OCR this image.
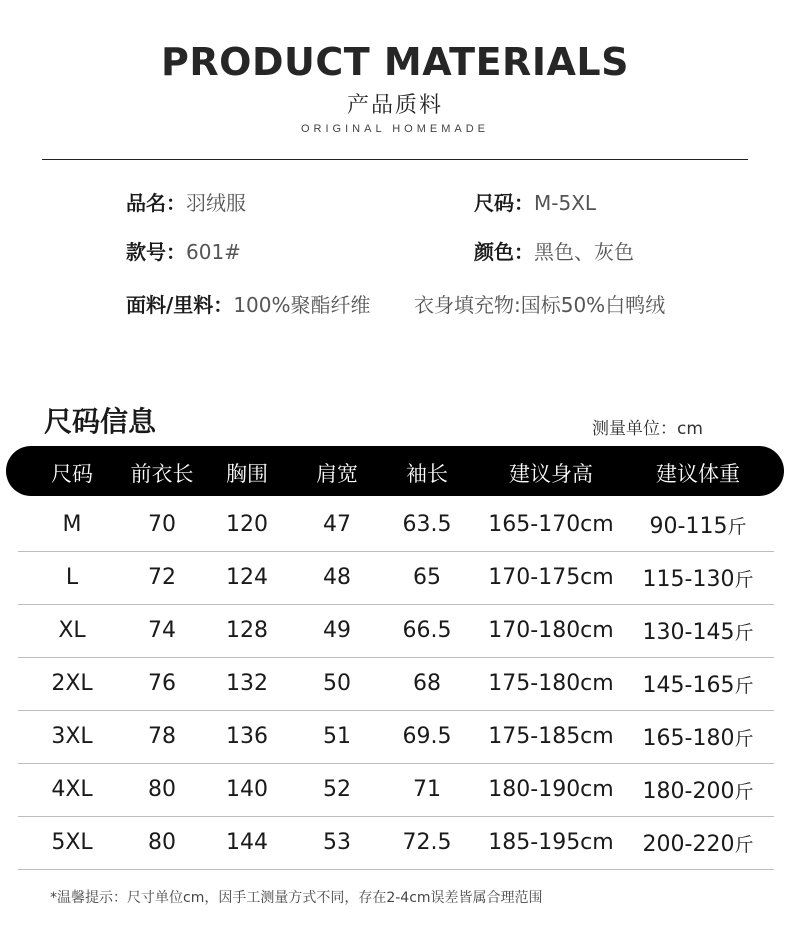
PRODUCT MATERIALS
产品质料
ORIGINAL HOMEMADE
品名：羽绒服	尺码：M-5XL
款号：601#	颜色：黑色、灰色
面料/里料：100%聚酯纤维 衣身填充物:国标50%白鸭绒
尺码信息	测量单位：cm
尺码	前衣长	胸围	肩宽	袖长	建议身高	建议体重
M	70	120	47	63.5	165-170cm	90-115斤
L	72	124	48	65	170-175cm	115-130斤
XL	74	128	49	66.5	170-180cm	130-145斤
2XL	76	132	50	68	175-180cm	145-165斤
3XL	78	136	51	69.5	175-185cm	165-180斤
4XL	80	140	52	71	180-190cm	180-200斤
5XL	80	144	53	72.5	185-195cm	200-220斤
*温馨提示：尺寸单位cm，因手工测量方式不同，存在2-4cm误差皆属合理范围
